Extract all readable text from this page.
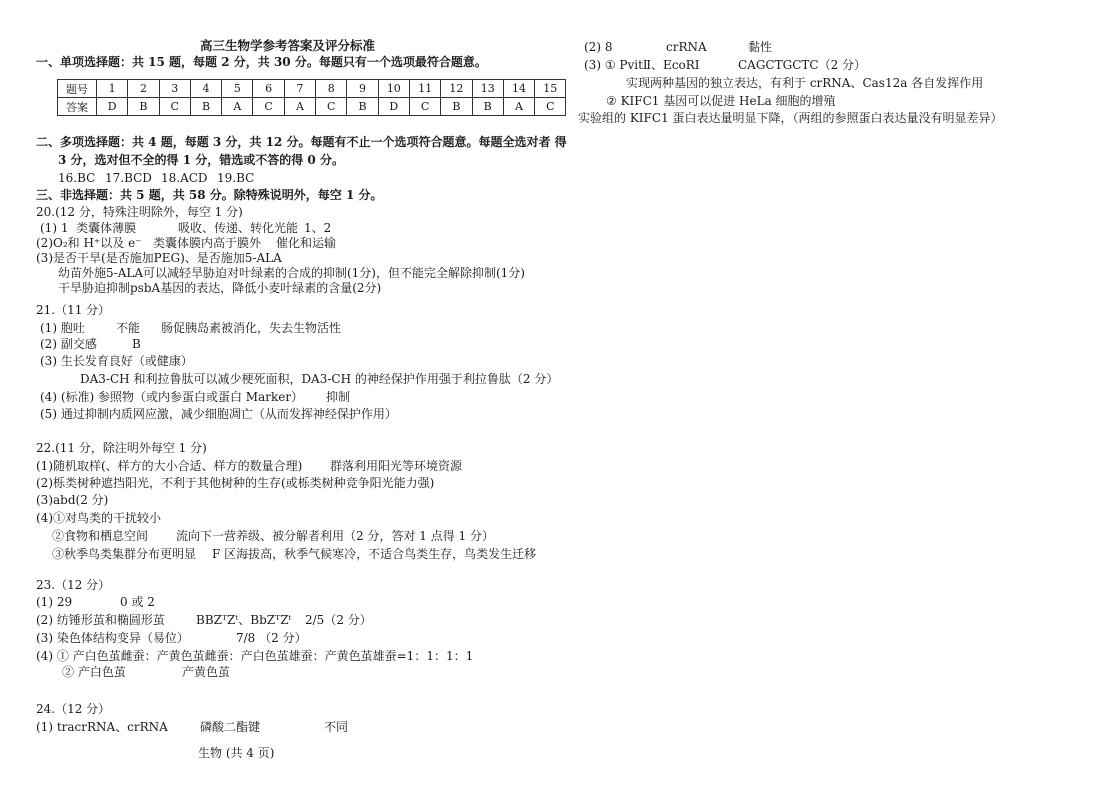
高三生物学参考答案及评分标准
一、单项选择题：共 15 题，每题 2 分，共 30 分。每题只有一个选项最符合题意。
题号	1	2	3	4	5	6	7	8	9	10	11	12	13	14	15
答案	D	B	C	B	A	C	A	C	B	D	C	B	B	A	C
二、多项选择题：共 4 题，每题 3 分，共 12 分。每题有不止一个选项符合题意。每题全选对者 得
3 分，选对但不全的得 1 分，错选或不答的得 0 分。
16.BC 17.BCD 18.ACD 19.BC
三、非选择题：共 5 题，共 58 分。除特殊说明外，每空 1 分。
20.(12 分，特殊注明除外，每空 1 分)
(1) 1  类囊体薄膜	吸收、传递、转化光能 1、2
(2)O₂和 H⁺以及 e⁻   类囊体膜内高于膜外 催化和运输
(3)是否干旱(是否施加PEG)、是否施加5-ALA
幼苗外施5-ALA可以减轻旱胁迫对叶绿素的合成的抑制(1分)，但不能完全解除抑制(1分)
干旱胁迫抑制psbA基因的表达，降低小麦叶绿素的含量(2分)
21.（11 分）
(1) 胞吐	不能 肠促胰岛素被消化，失去生物活性
(2) 副交感	B
(3) 生长发育良好（或健康）
DA3-CH 和利拉鲁肽可以减少梗死面积，DA3-CH 的神经保护作用强于利拉鲁肽（2 分）
(4) (标准) 参照物（或内参蛋白或蛋白 Marker） 抑制
(5) 通过抑制内质网应激，减少细胞凋亡（从而发挥神经保护作用）
22.(11 分，除注明外每空 1 分)
(1)随机取样(、样方的大小合适、样方的数量合理) 群落利用阳光等环境资源
(2)栎类树种遮挡阳光，不利于其他树种的生存(或栎类树种竞争阳光能力强)
(3)abd(2 分)
(4)①对鸟类的干扰较小
②食物和栖息空间 流向下一营养级、被分解者利用（2 分，答对 1 点得 1 分）
③秋季鸟类集群分布更明显 F 区海拔高，秋季气候寒冷，不适合鸟类生存，鸟类发生迁移
23.（12 分）
(1) 29	0 或 2
(2) 纺锤形茧和椭圆形茧	BBZᵀZᵗ、BbZᵀZᵗ 2/5（2 分）
(3) 染色体结构变异（易位）	7/8 （2 分）
(4) ① 产白色茧雌蚕：产黄色茧雌蚕：产白色茧雄蚕：产黄色茧雄蚕=1：1：1：1
② 产白色茧	产黄色茧
24.（12 分）
(1) tracrRNA、crRNA	磷酸二酯键	不同
(2) 8	crRNA	黏性
(3) ① PvitⅡ、EcoRI	CAGCTGCTC（2 分）
实现两种基因的独立表达，有利于 crRNA、Cas12a 各自发挥作用
② KIFC1 基因可以促进 HeLa 细胞的增殖
实验组的 KIFC1 蛋白表达量明显下降，（两组的参照蛋白表达量没有明显差异）
生物 (共 4 页)
